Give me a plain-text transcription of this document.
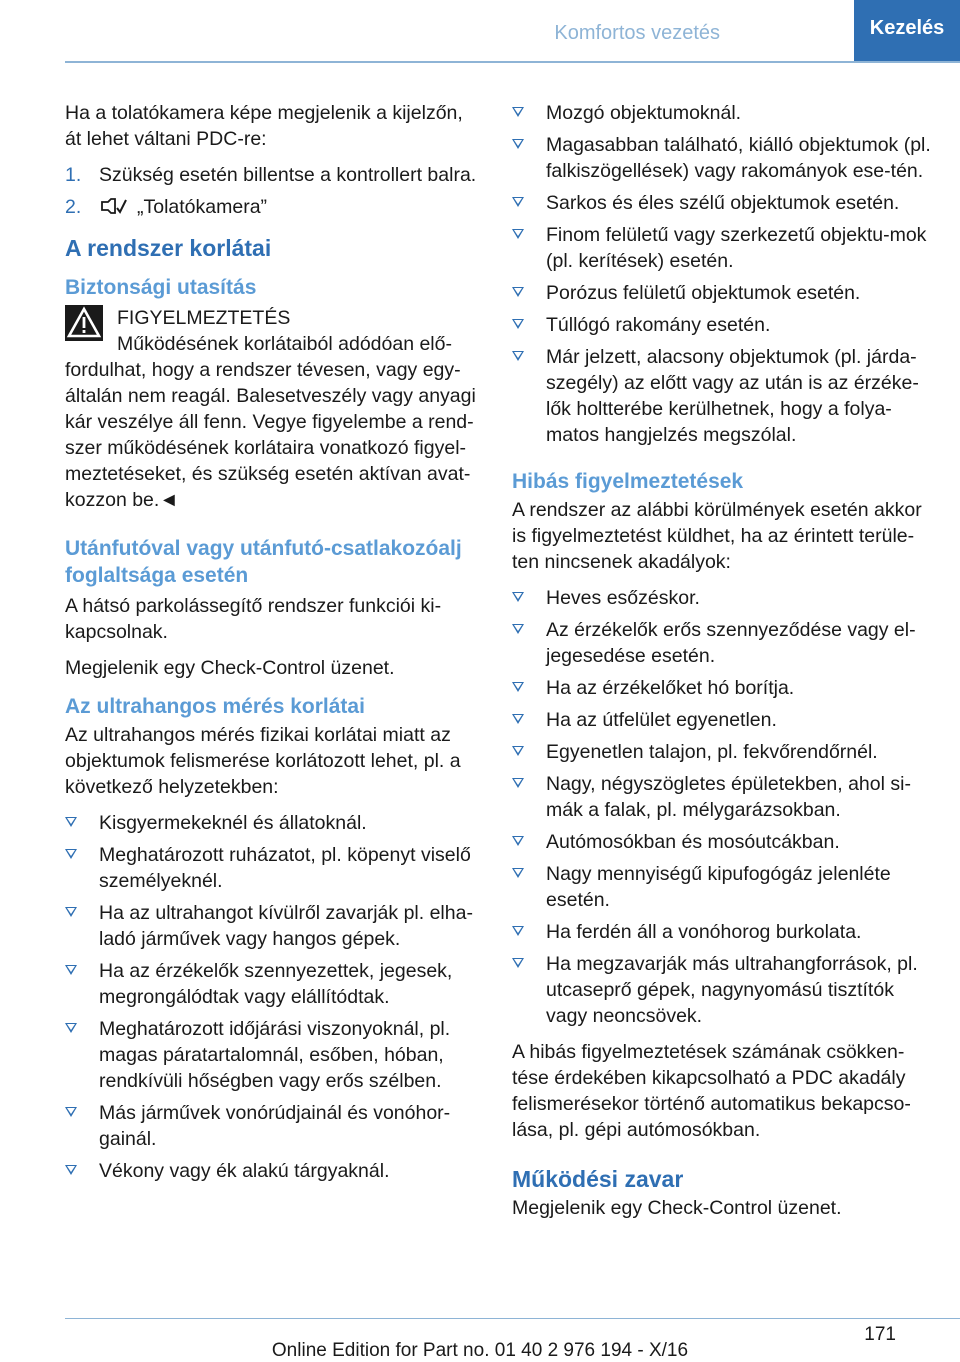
Komfortos vezetés	Kezelés

Ha a tolatókamera képe megjelenik a kijelzőn, át lehet váltani PDC-re:

1. Szükség esetén billentse a kontrollert balra.
2.	„Tolatókamera”
A rendszer korlátai
Biztonsági utasítás
FIGYELMEZTETÉS
Működésének korlátaiból adódóan elő-
fordulhat, hogy a rendszer tévesen, vagy egy-általán nem reagál. Balesetveszély vagy anyagi kár veszélye áll fenn. Vegye figyelembe a rend-szer működésének korlátaira vonatkozó figyel-meztetéseket, és szükség esetén aktívan avat-kozzon be.◄
Utánfutóval vagy utánfutó-csatlakozóalj foglaltsága esetén

A hátsó parkolássegítő rendszer funkciói ki-kapcsolnak.

Megjelenik egy Check-Control üzenet.

Az ultrahangos mérés korlátai

Az ultrahangos mérés fizikai korlátai miatt az objektumok felismerése korlátozott lehet, pl. a következő helyzetekben:

Kisgyermekeknél és állatoknál.
Meghatározott ruházatot, pl. köpenyt viselő személyeknél.
Ha az ultrahangot kívülről zavarják pl. elha-ladó járművek vagy hangos gépek.
Ha az érzékelők szennyezettek, jegesek, megrongálódtak vagy elállítódtak.
Meghatározott időjárási viszonyoknál, pl. magas páratartalomnál, esőben, hóban, rendkívüli hőségben vagy erős szélben.
Más járművek vonórúdjainál és vonóhor-gainál.
Vékony vagy ék alakú tárgyaknál.
Mozgó objektumoknál.
Magasabban található, kiálló objektumok (pl. falkiszögellések) vagy rakományok ese-tén.
Sarkos és éles szélű objektumok esetén.
Finom felületű vagy szerkezetű objektu-mok (pl. kerítések) esetén.
Porózus felületű objektumok esetén.
Túllógó rakomány esetén.
Már jelzett, alacsony objektumok (pl. járda-szegély) az előtt vagy az után is az érzéke-lők holtterébe kerülhetnek, hogy a folya-matos hangjelzés megszólal.
Hibás figyelmeztetések

A rendszer az alábbi körülmények esetén akkor is figyelmeztetést küldhet, ha az érintett terüle-ten nincsenek akadályok:

Heves esőzéskor.
Az érzékelők erős szennyeződése vagy el-jegesedése esetén.
Ha az érzékelőket hó borítja.
Ha az útfelület egyenetlen.
Egyenetlen talajon, pl. fekvőrendőrnél.
Nagy, négyszögletes épületekben, ahol si-mák a falak, pl. mélygarázsokban.
Autómosókban és mosóutcákban.
Nagy mennyiségű kipufogógáz jelenléte esetén.
Ha ferdén áll a vonóhorog burkolata.
Ha megzavarják más ultrahangforrások, pl. utcaseprő gépek, nagynyomású tisztítók vagy neoncsövek.

A hibás figyelmeztetések számának csökken-tése érdekében kikapcsolható a PDC akadály felismerésekor történő automatikus bekapcso-lása, pl. gépi autómosókban.

Működési zavar

Megjelenik egy Check-Control üzenet.

171
Online Edition for Part no. 01 40 2 976 194 - X/16
